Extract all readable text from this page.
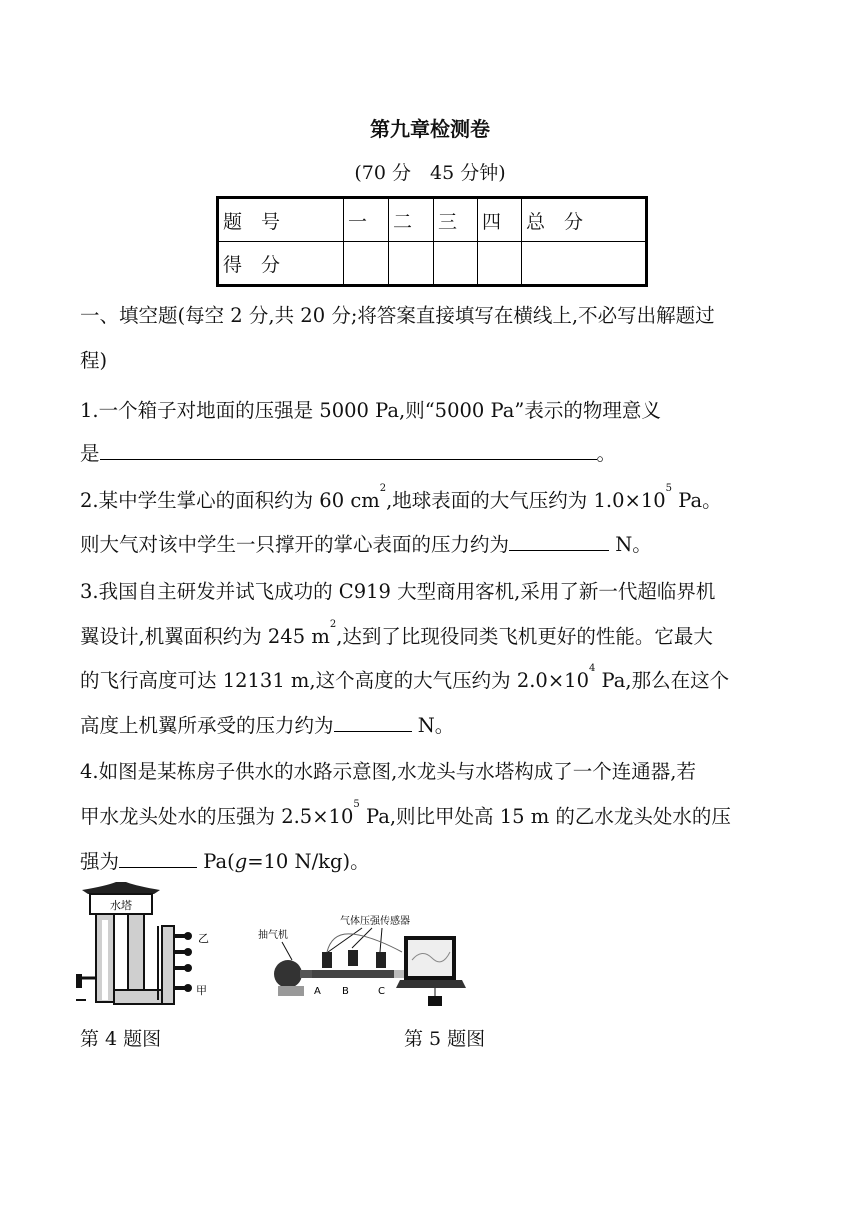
第九章检测卷
(70 分　45 分钟)
题　号	一	二	三	四	总　分
得　分					
一、填空题(每空 2 分,共 20 分;将答案直接填写在横线上,不必写出解题过
程)
1.一个箱子对地面的压强是 5000 Pa,则“5000 Pa”表示的物理意义
是	。
2.某中学生掌心的面积约为 60 $cm^2$,地球表面的大气压约为 $1.0\times 10^5$ Pa。
则大气对该中学生一只撑开的掌心表面的压力约为	N。
3.我国自主研发并试飞成功的 C919 大型商用客机,采用了新一代超临界机
翼设计,机翼面积约为 245 $m^2$,达到了比现役同类飞机更好的性能。它最大
的飞行高度可达 12131 m,这个高度的大气压约为 $2.0\times 10^4$ Pa,那么在这个
高度上机翼所承受的压力约为	N。
4.如图是某栋房子供水的水路示意图,水龙头与水塔构成了一个连通器,若
甲水龙头处水的压强为 $2.5\times 10^5$ Pa,则比甲处高 15 m 的乙水龙头处水的压
强为	Pa(g=10 N/kg)。
水塔
乙
甲
抽气机
气体压强传感器
A B	C
第 4 题图	第 5 题图
